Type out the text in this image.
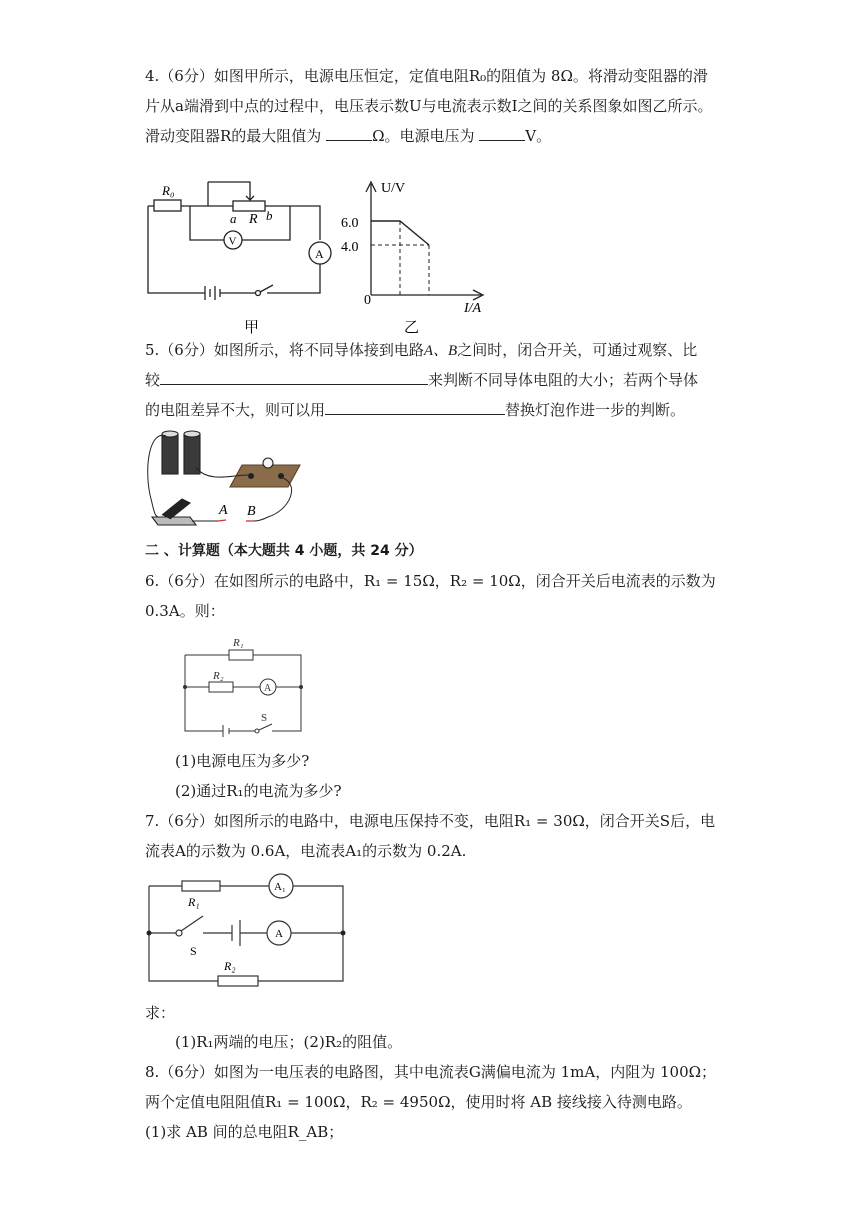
4.（6分）如图甲所示，电源电压恒定，定值电阻R₀的阻值为 8Ω。将滑动变阻器的滑
片从a端滑到中点的过程中，电压表示数U与电流表示数I之间的关系图象如图乙所示。
滑动变阻器R的最大阻值为	Ω。电源电压为	V。
R₀
a R b
V
A
甲
U/V
6.0
4.0
0
I/A
乙
5.（6分）如图所示，将不同导体接到电路A、B之间时，闭合开关，可通过观察、比
较	来判断不同导体电阻的大小；若两个导体
的电阻差异不大，则可以用	替换灯泡作进一步的判断。
A B
二 、计算题（本大题共 4 小题，共 24 分）
6.（6分）在如图所示的电路中，R₁ = 15Ω，R₂ = 10Ω，闭合开关后电流表的示数为
0.3A。则：
R₁
R₂
A
S
(1)电源电压为多少?
(2)通过R₁的电流为多少?
7.（6分）如图所示的电路中，电源电压保持不变，电阻R₁ = 30Ω，闭合开关S后，电
流表A的示数为 0.6A，电流表A₁的示数为 0.2A.
R₁
R₂
A₁
A
S
求：
(1)R₁两端的电压；(2)R₂的阻值。
8.（6分）如图为一电压表的电路图，其中电流表G满偏电流为 1mA，内阻为 100Ω；
两个定值电阻阻值R₁ = 100Ω，R₂ = 4950Ω，使用时将 AB 接线接入待测电路。
(1)求 AB 间的总电阻R_AB；
